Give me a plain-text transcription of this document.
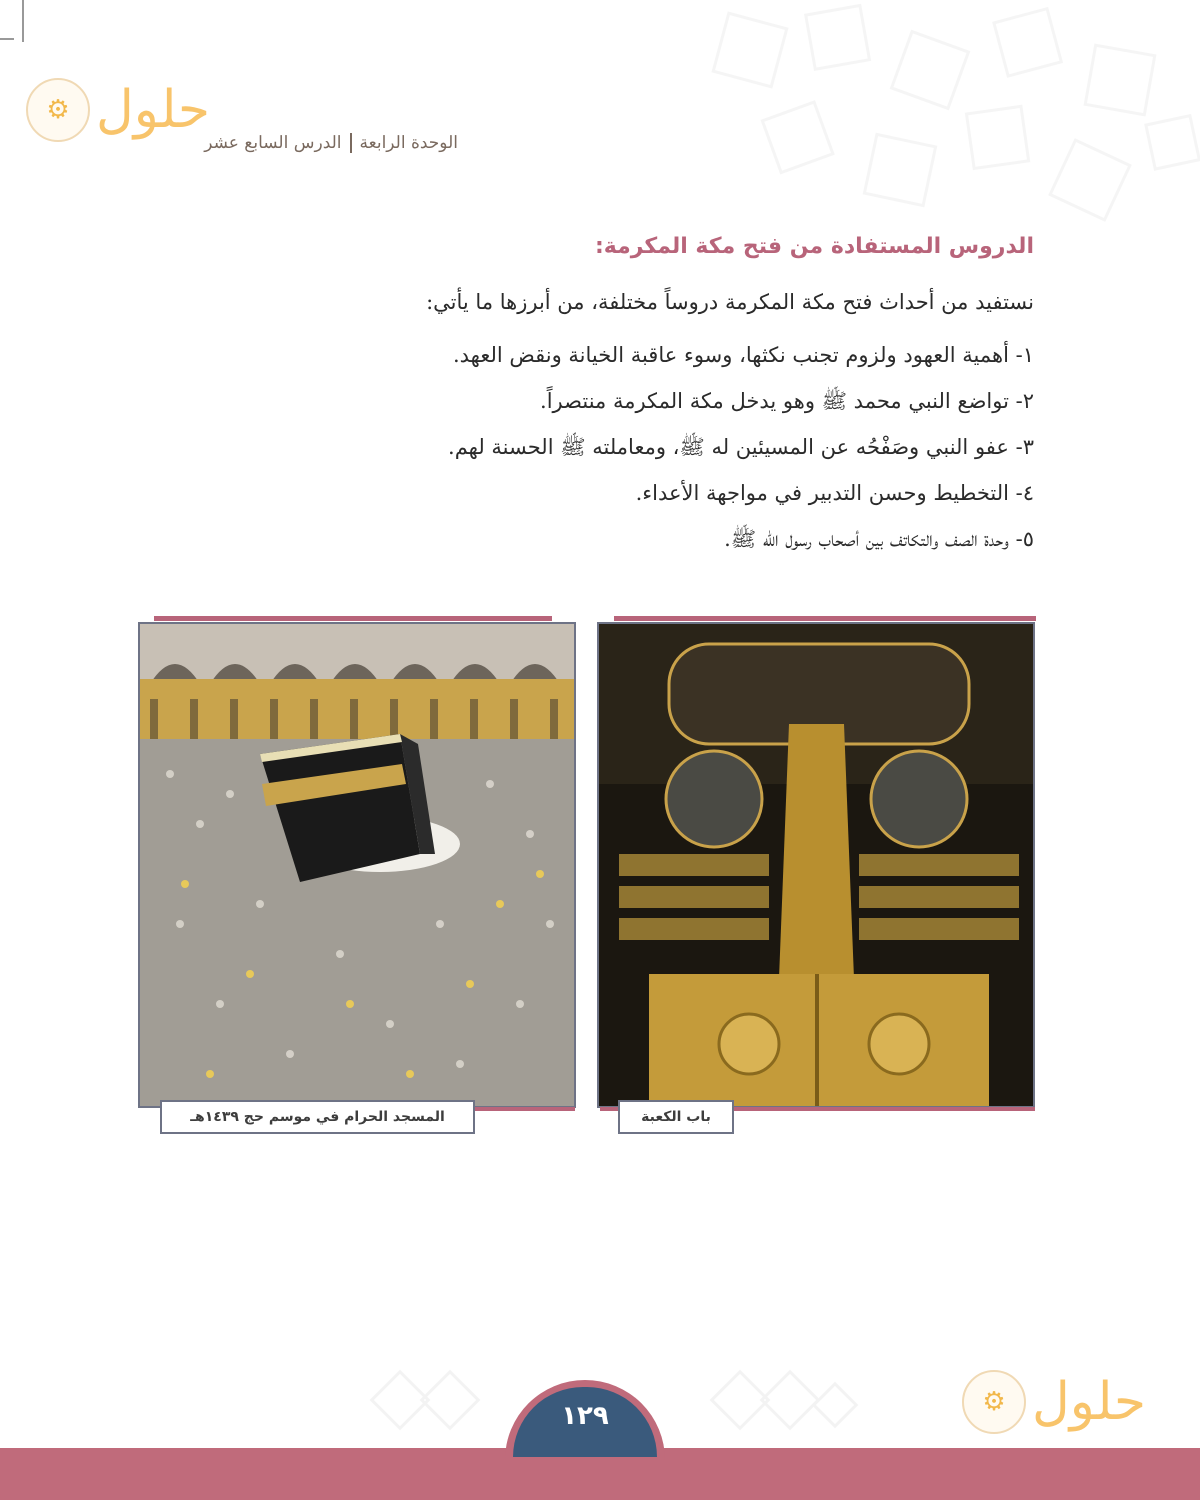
⚙ حلول
الوحدة الرابعة
الدرس السابع عشر
الدروس المستفادة من فتح مكة المكرمة:
نستفيد من أحداث فتح مكة المكرمة دروساً مختلفة، من أبرزها ما يأتي:
١- أهمية العهود ولزوم تجنب نكثها، وسوء عاقبة الخيانة ونقض العهد.
٢- تواضع النبي محمد ﷺ وهو يدخل مكة المكرمة منتصراً.
٣- عفو النبي وصَفْحُه عن المسيئين له ﷺ، ومعاملته ﷺ الحسنة لهم.
٤- التخطيط وحسن التدبير في مواجهة الأعداء.
٥- وحدة الصف والتكاتف بين أصحاب رسول الله ﷺ.
باب الكعبة
المسجد الحرام في موسم حج ١٤٣٩هـ
⚙ حلول
١٢٩
